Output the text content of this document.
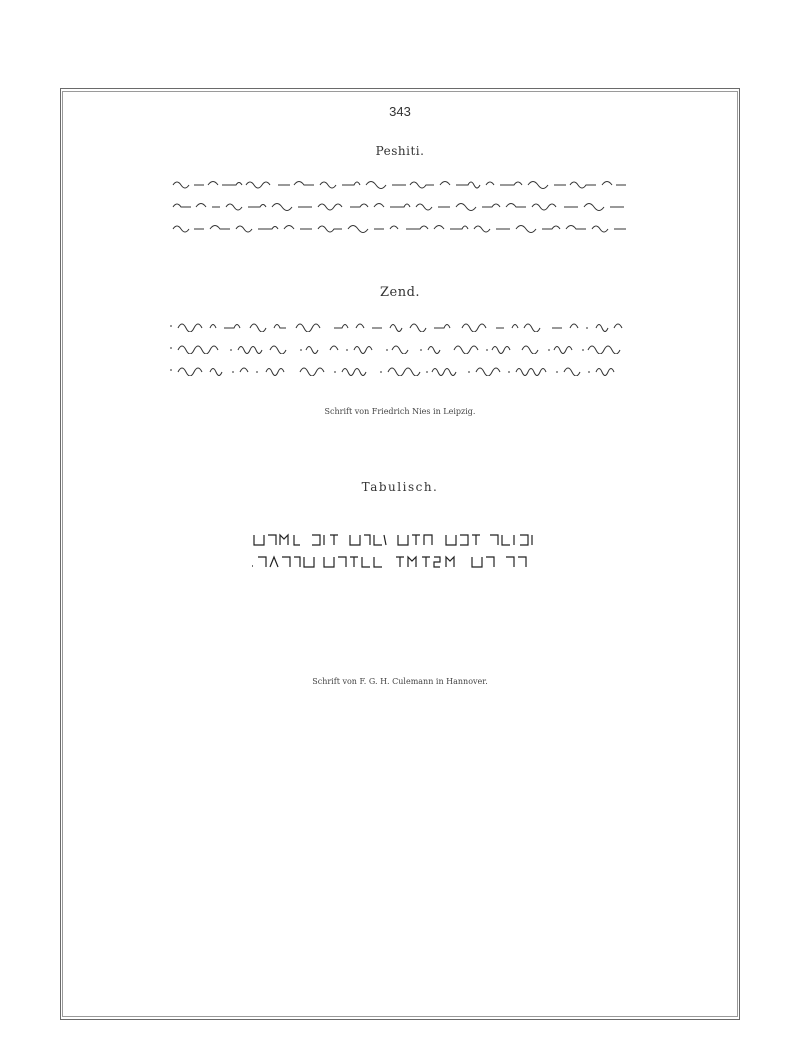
343
Peshiti.
Zend.
Schrift von Friedrich Nies in Leipzig.
Tabulisch.
Schrift von F. G. H. Culemann in Hannover.
